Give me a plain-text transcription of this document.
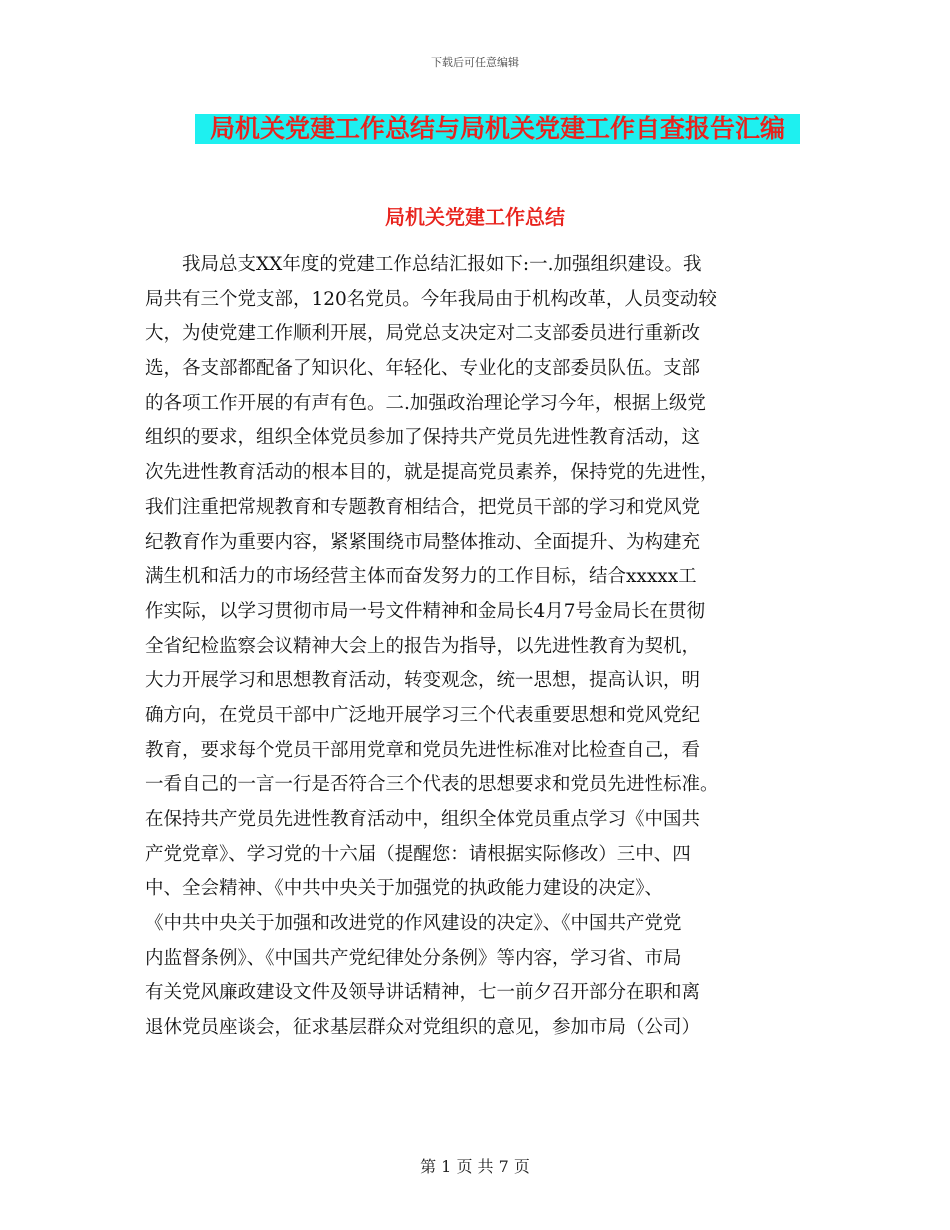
下载后可任意编辑
局机关党建工作总结与局机关党建工作自查报告汇编
局机关党建工作总结
我局总支XX年度的党建工作总结汇报如下:一.加强组织建设。我
局共有三个党支部，120名党员。今年我局由于机构改革，人员变动较
大，为使党建工作顺利开展，局党总支决定对二支部委员进行重新改
选，各支部都配备了知识化、年轻化、专业化的支部委员队伍。支部
的各项工作开展的有声有色。二.加强政治理论学习今年，根据上级党
组织的要求，组织全体党员参加了保持共产党员先进性教育活动，这
次先进性教育活动的根本目的，就是提高党员素养，保持党的先进性，
我们注重把常规教育和专题教育相结合，把党员干部的学习和党风党
纪教育作为重要内容，紧紧围绕市局整体推动、全面提升、为构建充
满生机和活力的市场经营主体而奋发努力的工作目标，结合xxxxx工
作实际，以学习贯彻市局一号文件精神和金局长4月7号金局长在贯彻
全省纪检监察会议精神大会上的报告为指导，以先进性教育为契机，
大力开展学习和思想教育活动，转变观念，统一思想，提高认识，明
确方向，在党员干部中广泛地开展学习三个代表重要思想和党风党纪
教育，要求每个党员干部用党章和党员先进性标准对比检查自己，看
一看自己的一言一行是否符合三个代表的思想要求和党员先进性标准。
在保持共产党员先进性教育活动中，组织全体党员重点学习《中国共
产党党章》、学习党的十六届（提醒您：请根据实际修改）三中、四
中、全会精神、《中共中央关于加强党的执政能力建设的决定》、
《中共中央关于加强和改进党的作风建设的决定》、《中国共产党党
内监督条例》、《中国共产党纪律处分条例》等内容，学习省、市局
有关党风廉政建设文件及领导讲话精神，七一前夕召开部分在职和离
退休党员座谈会，征求基层群众对党组织的意见，参加市局（公司）
第 1 页 共 7 页
